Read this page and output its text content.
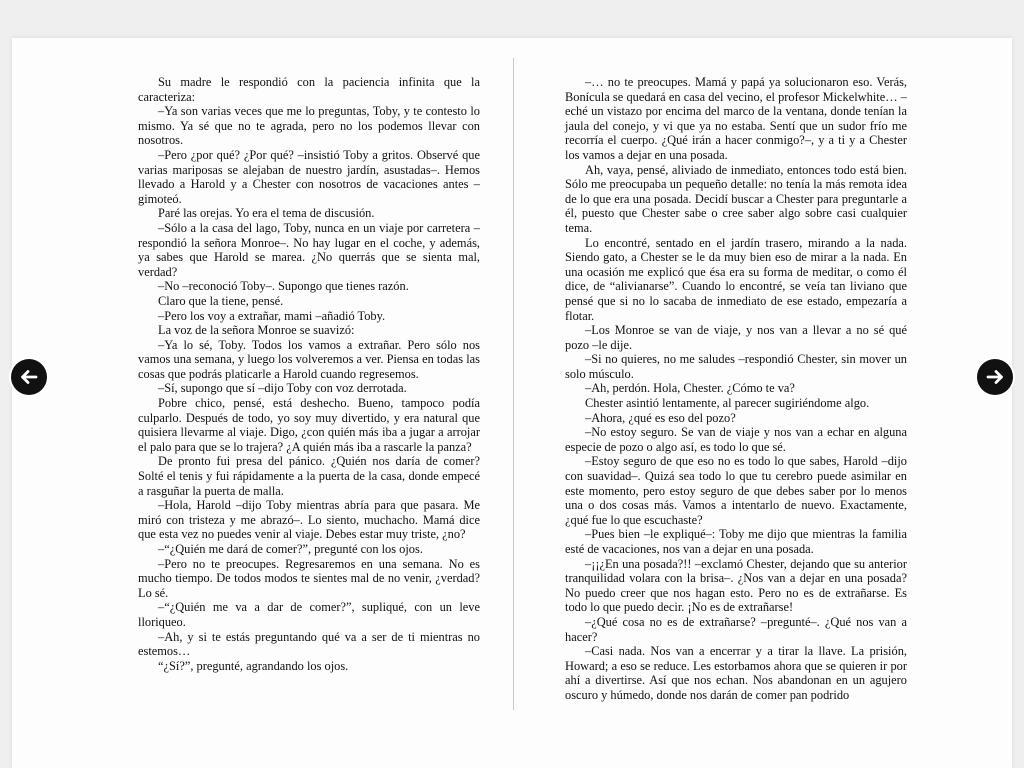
Su madre le respondió con la paciencia infinita que la caracteriza:

–Ya son varias veces que me lo preguntas, Toby, y te contesto lo mismo. Ya sé que no te agrada, pero no los podemos llevar con nosotros.

–Pero ¿por qué? ¿Por qué? –insistió Toby a gritos. Observé que varias mariposas se alejaban de nuestro jardín, asustadas–. Hemos llevado a Harold y a Chester con nosotros de vacaciones antes –gimoteó.

Paré las orejas. Yo era el tema de discusión.

–Sólo a la casa del lago, Toby, nunca en un viaje por carretera –respondió la señora Monroe–. No hay lugar en el coche, y además, ya sabes que Harold se marea. ¿No querrás que se sienta mal, verdad?

–No –reconoció Toby–. Supongo que tienes razón.

Claro que la tiene, pensé.

–Pero los voy a extrañar, mami –añadió Toby.

La voz de la señora Monroe se suavizó:

–Ya lo sé, Toby. Todos los vamos a extrañar. Pero sólo nos vamos una semana, y luego los volveremos a ver. Piensa en todas las cosas que podrás platicarle a Harold cuando regresemos.

–Sí, supongo que sí –dijo Toby con voz derrotada.

Pobre chico, pensé, está deshecho. Bueno, tampoco podía culparlo. Después de todo, yo soy muy divertido, y era natural que quisiera llevarme al viaje. Digo, ¿con quién más iba a jugar a arrojar el palo para que se lo trajera? ¿A quién más iba a rascarle la panza?

De pronto fui presa del pánico. ¿Quién nos daría de comer? Solté el tenis y fui rápidamente a la puerta de la casa, donde empecé a rasguñar la puerta de malla.

–Hola, Harold –dijo Toby mientras abría para que pasara. Me miró con tristeza y me abrazó–. Lo siento, muchacho. Mamá dice que esta vez no puedes venir al viaje. Debes estar muy triste, ¿no?

–“¿Quién me dará de comer?”, pregunté con los ojos.

–Pero no te preocupes. Regresaremos en una semana. No es mucho tiempo. De todos modos te sientes mal de no venir, ¿verdad? Lo sé.

–“¿Quién me va a dar de comer?”, supliqué, con un leve lloriqueo.

–Ah, y si te estás preguntando qué va a ser de ti mientras no estemos…

“¿Sí?”, pregunté, agrandando los ojos.

–… no te preocupes. Mamá y papá ya solucionaron eso. Verás, Bonícula se quedará en casa del vecino, el profesor Mickelwhite… –eché un vistazo por encima del marco de la ventana, donde tenían la jaula del conejo, y vi que ya no estaba. Sentí que un sudor frío me recorría el cuerpo. ¿Qué irán a hacer conmigo?–, y a ti y a Chester los vamos a dejar en una posada.

Ah, vaya, pensé, aliviado de inmediato, entonces todo está bien. Sólo me preocupaba un pequeño detalle: no tenía la más remota idea de lo que era una posada. Decidí buscar a Chester para preguntarle a él, puesto que Chester sabe o cree saber algo sobre casi cualquier tema.

Lo encontré, sentado en el jardín trasero, mirando a la nada. Siendo gato, a Chester se le da muy bien eso de mirar a la nada. En una ocasión me explicó que ésa era su forma de meditar, o como él dice, de “alivianarse”. Cuando lo encontré, se veía tan liviano que pensé que si no lo sacaba de inmediato de ese estado, empezaría a flotar.

–Los Monroe se van de viaje, y nos van a llevar a no sé qué pozo –le dije.

–Si no quieres, no me saludes –respondió Chester, sin mover un solo músculo.

–Ah, perdón. Hola, Chester. ¿Cómo te va?

Chester asintió lentamente, al parecer sugiriéndome algo.

–Ahora, ¿qué es eso del pozo?

–No estoy seguro. Se van de viaje y nos van a echar en alguna especie de pozo o algo así, es todo lo que sé.

–Estoy seguro de que eso no es todo lo que sabes, Harold –dijo con suavidad–. Quizá sea todo lo que tu cerebro puede asimilar en este momento, pero estoy seguro de que debes saber por lo menos una o dos cosas más. Vamos a intentarlo de nuevo. Exactamente, ¿qué fue lo que escuchaste?

–Pues bien –le expliqué–: Toby me dijo que mientras la familia esté de vacaciones, nos van a dejar en una posada.

–¡¡¿En una posada?!! –exclamó Chester, dejando que su anterior tranquilidad volara con la brisa–. ¿Nos van a dejar en una posada? No puedo creer que nos hagan esto. Pero no es de extrañarse. Es todo lo que puedo decir. ¡No es de extrañarse!

–¿Qué cosa no es de extrañarse? –pregunté–. ¿Qué nos van a hacer?

–Casi nada. Nos van a encerrar y a tirar la llave. La prisión, Howard; a eso se reduce. Les estorbamos ahora que se quieren ir por ahí a divertirse. Así que nos echan. Nos abandonan en un agujero oscuro y húmedo, donde nos darán de comer pan podrido
